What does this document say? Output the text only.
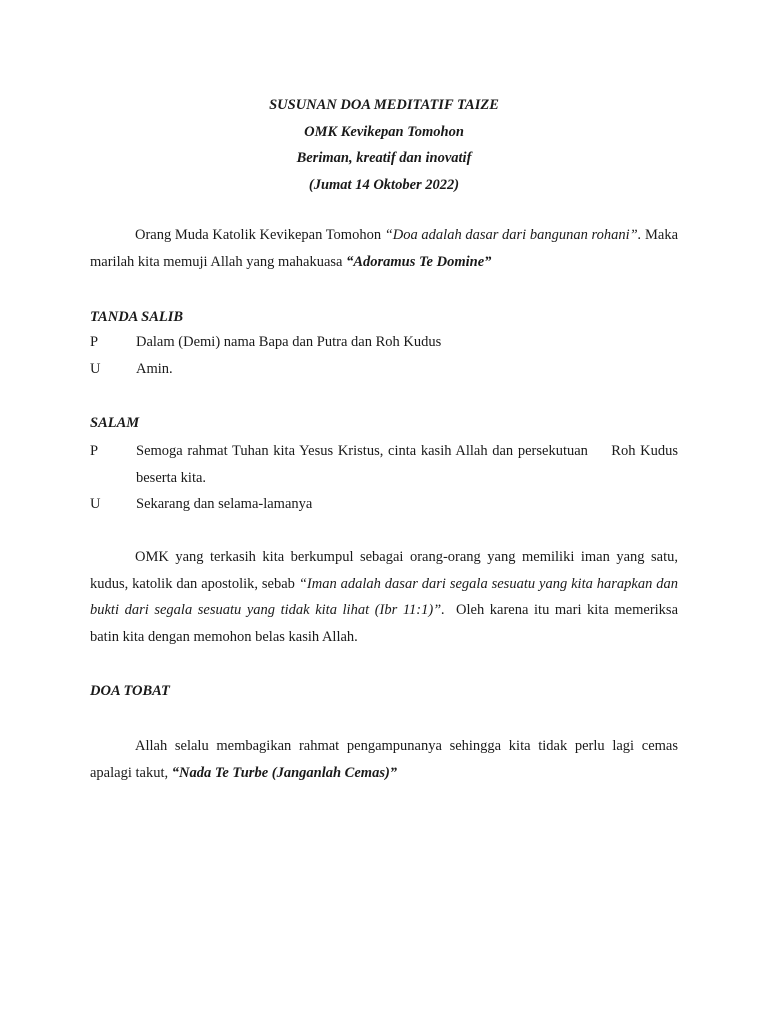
SUSUNAN DOA MEDITATIF TAIZE
OMK Kevikepan Tomohon
Beriman, kreatif dan inovatif
(Jumat 14 Oktober 2022)

Orang Muda Katolik Kevikepan Tomohon “Doa adalah dasar dari bangunan rohani”. Maka marilah kita memuji Allah yang mahakuasa “Adoramus Te Domine”

TANDA SALIB

P	Dalam (Demi) nama Bapa dan Putra dan Roh Kudus
U	Amin.

SALAM

P	Semoga rahmat Tuhan kita Yesus Kristus, cinta kasih Allah dan persekutuan     Roh Kudus beserta kita.
U	Sekarang dan selama-lamanya

OMK yang terkasih kita berkumpul sebagai orang-orang yang memiliki iman yang satu, kudus, katolik dan apostolik, sebab “Iman adalah dasar dari segala sesuatu yang kita harapkan dan bukti dari segala sesuatu yang tidak kita lihat (Ibr 11:1)”.  Oleh karena itu mari kita memeriksa batin kita dengan memohon belas kasih Allah.

DOA TOBAT

Allah selalu membagikan rahmat pengampunanya sehingga kita tidak perlu lagi cemas apalagi takut, “Nada Te Turbe (Janganlah Cemas)”
